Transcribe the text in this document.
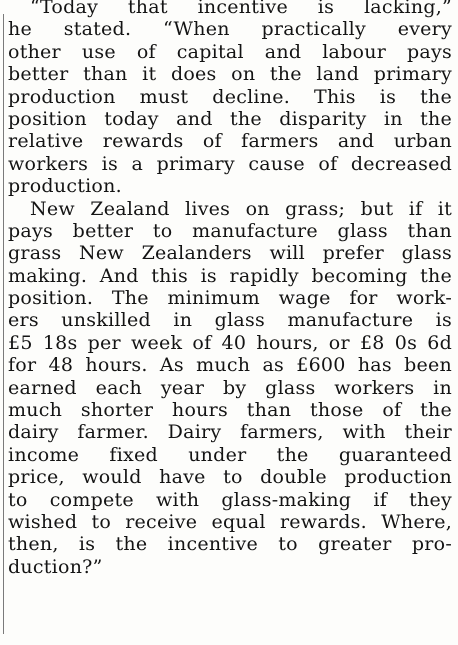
“Today that incentive is lacking,”
he stated. “When practically every
other use of capital and labour pays
better than it does on the land primary
production must decline. This is the
position today and the disparity in the
relative rewards of farmers and urban
workers is a primary cause of decreased
production.
New Zealand lives on grass; but if it
pays better to manufacture glass than
grass New Zealanders will prefer glass
making. And this is rapidly becoming the
position. The minimum wage for work-
ers unskilled in glass manufacture is
£5 18s per week of 40 hours, or £8 0s 6d
for 48 hours. As much as £600 has been
earned each year by glass workers in
much shorter hours than those of the
dairy farmer. Dairy farmers, with their
income fixed under the guaranteed
price, would have to double production
to compete with glass-making if they
wished to receive equal rewards. Where,
then, is the incentive to greater pro-
duction?”
